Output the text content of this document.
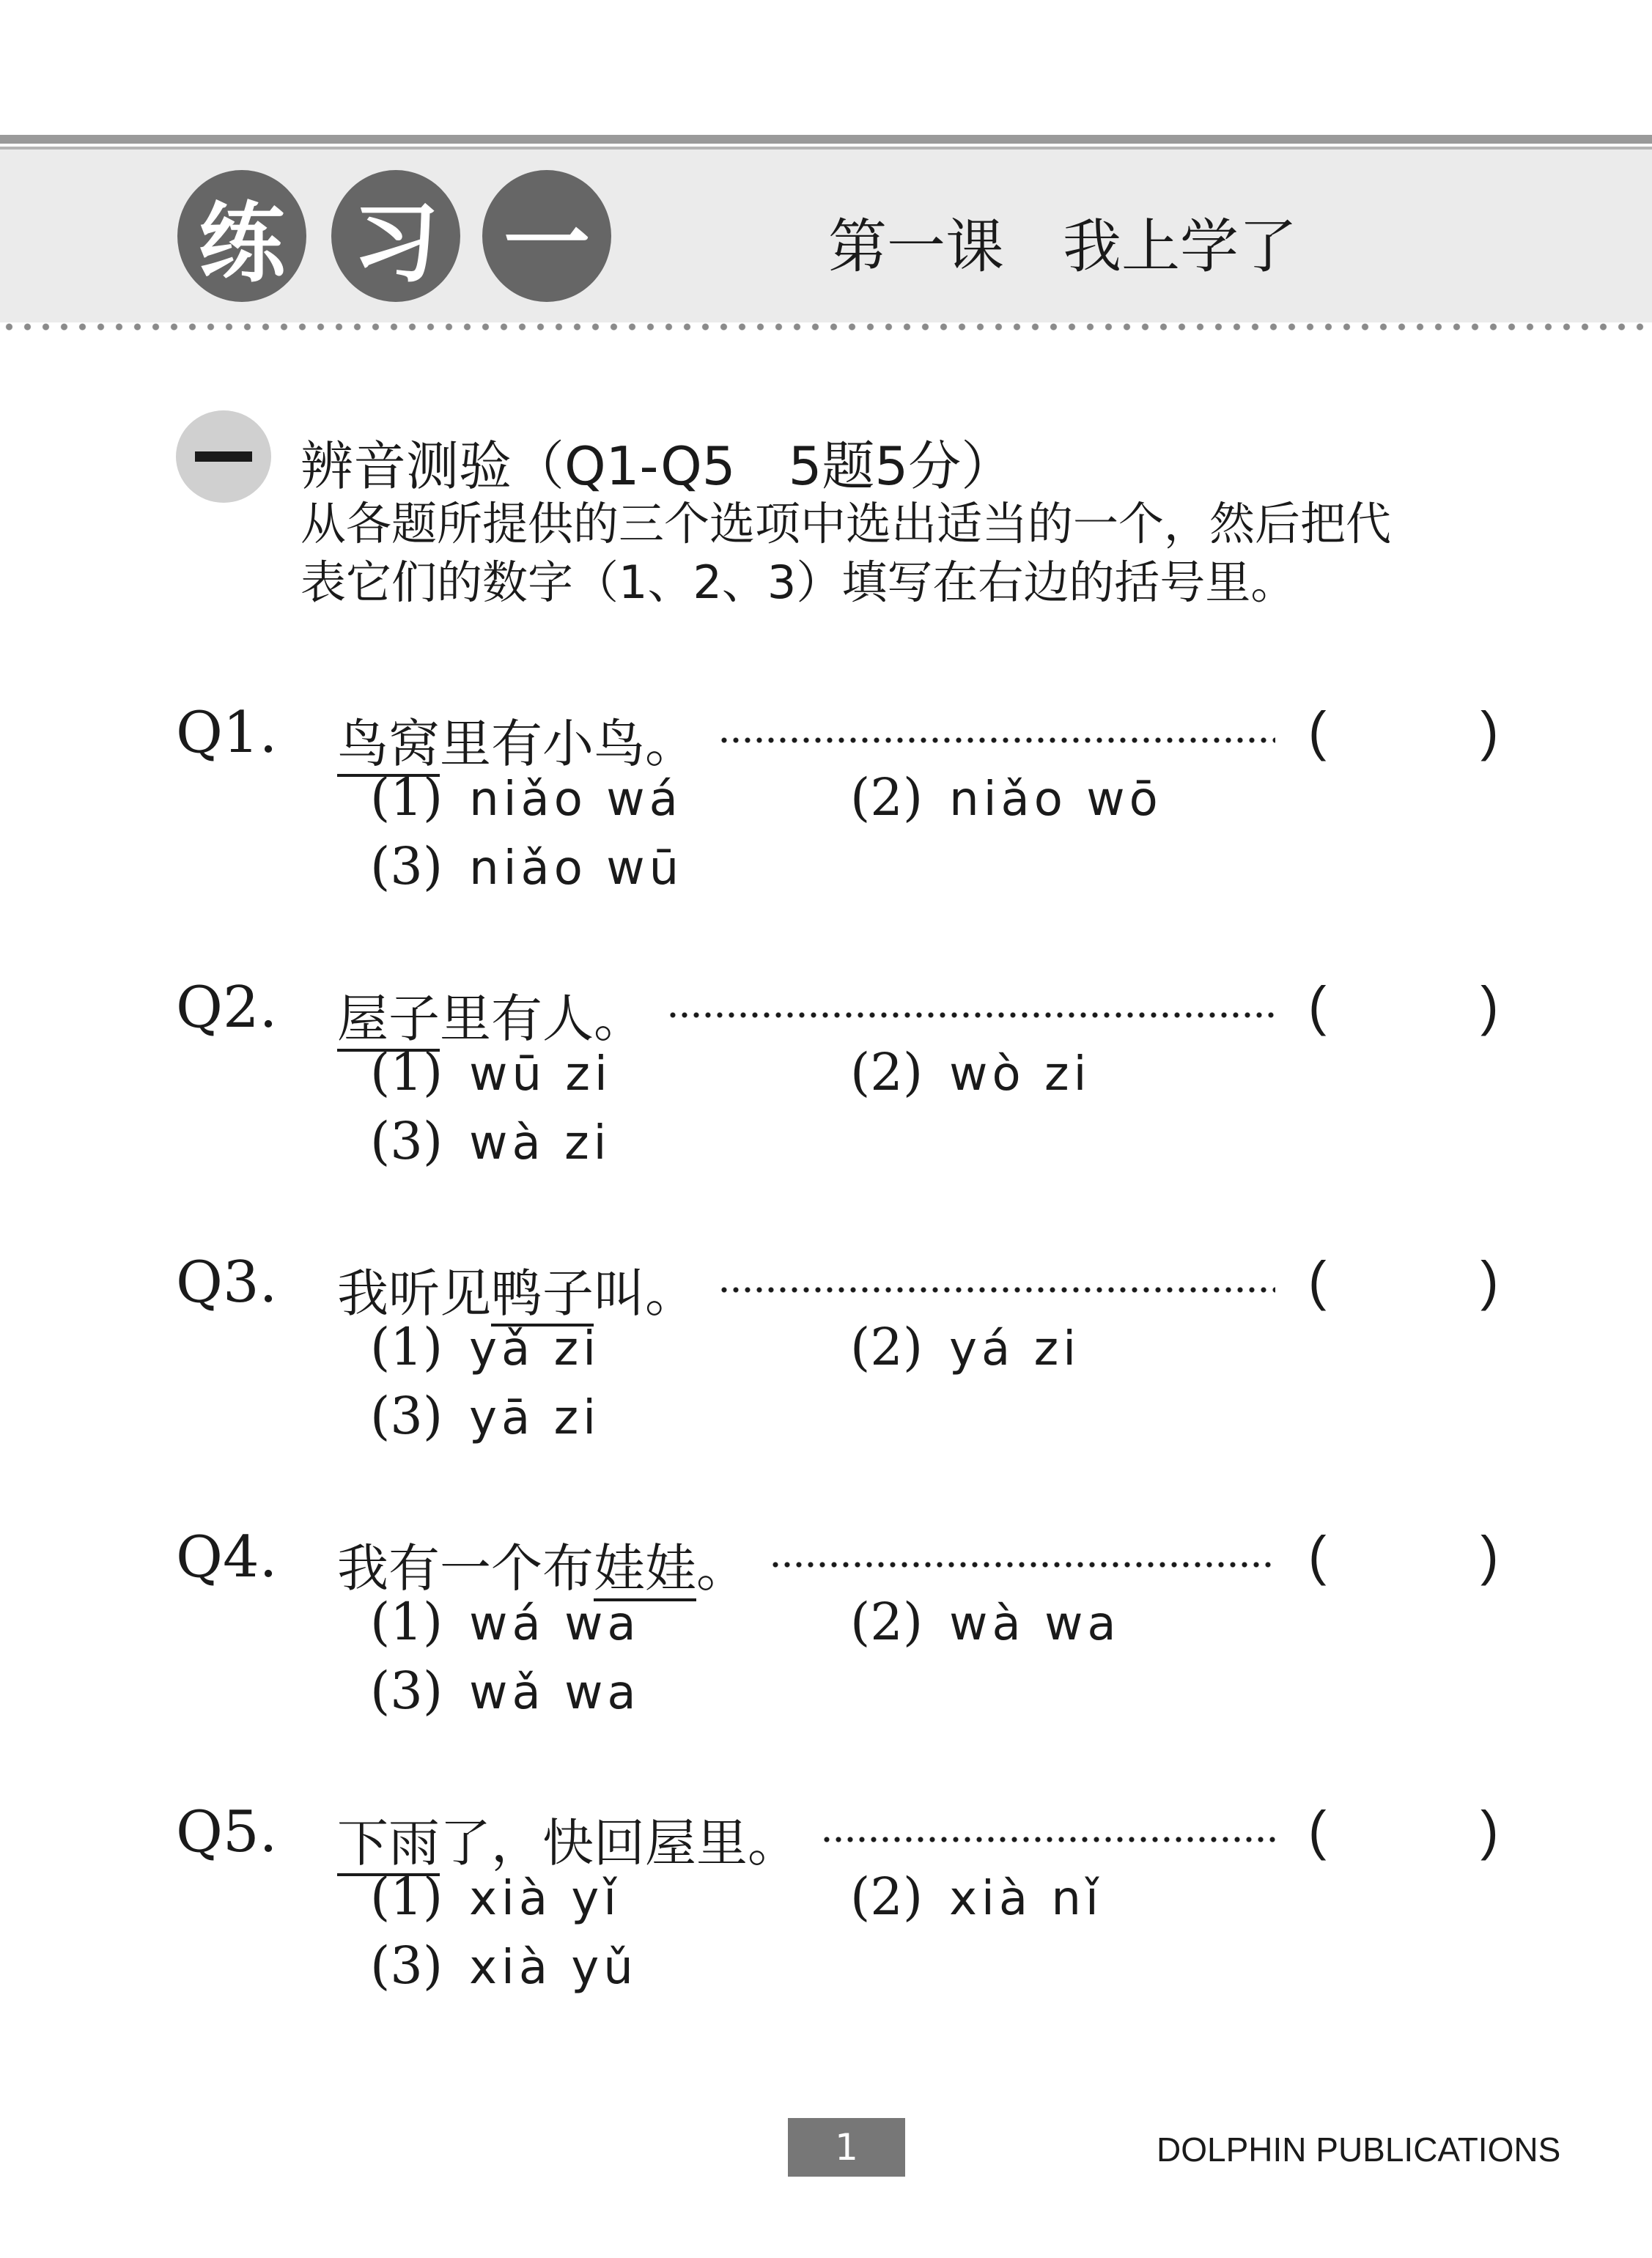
练 习 一	第一课　我上学了
辨音测验（Q1-Q5　5题5分）
从各题所提供的三个选项中选出适当的一个，然后把代
表它们的数字（1、2、3）填写在右边的括号里。
Q1. 鸟窝里有小鸟。	(	)
(1) niǎo wá	(2) niǎo wō
(3) niǎo wū
Q2. 屋子里有人。	(	)
(1) wū zi	(2) wò zi
(3) wà zi
Q3. 我听见鸭子叫。	(	)
(1) yǎ zi	(2) yá zi
(3) yā zi
Q4. 我有一个布娃娃。	(	)
(1) wá wa	(2) wà wa
(3) wǎ wa
Q5. 下雨了，快回屋里。	(	)
(1) xià yǐ	(2) xià nǐ
(3) xià yǔ
1	DOLPHIN PUBLICATIONS
